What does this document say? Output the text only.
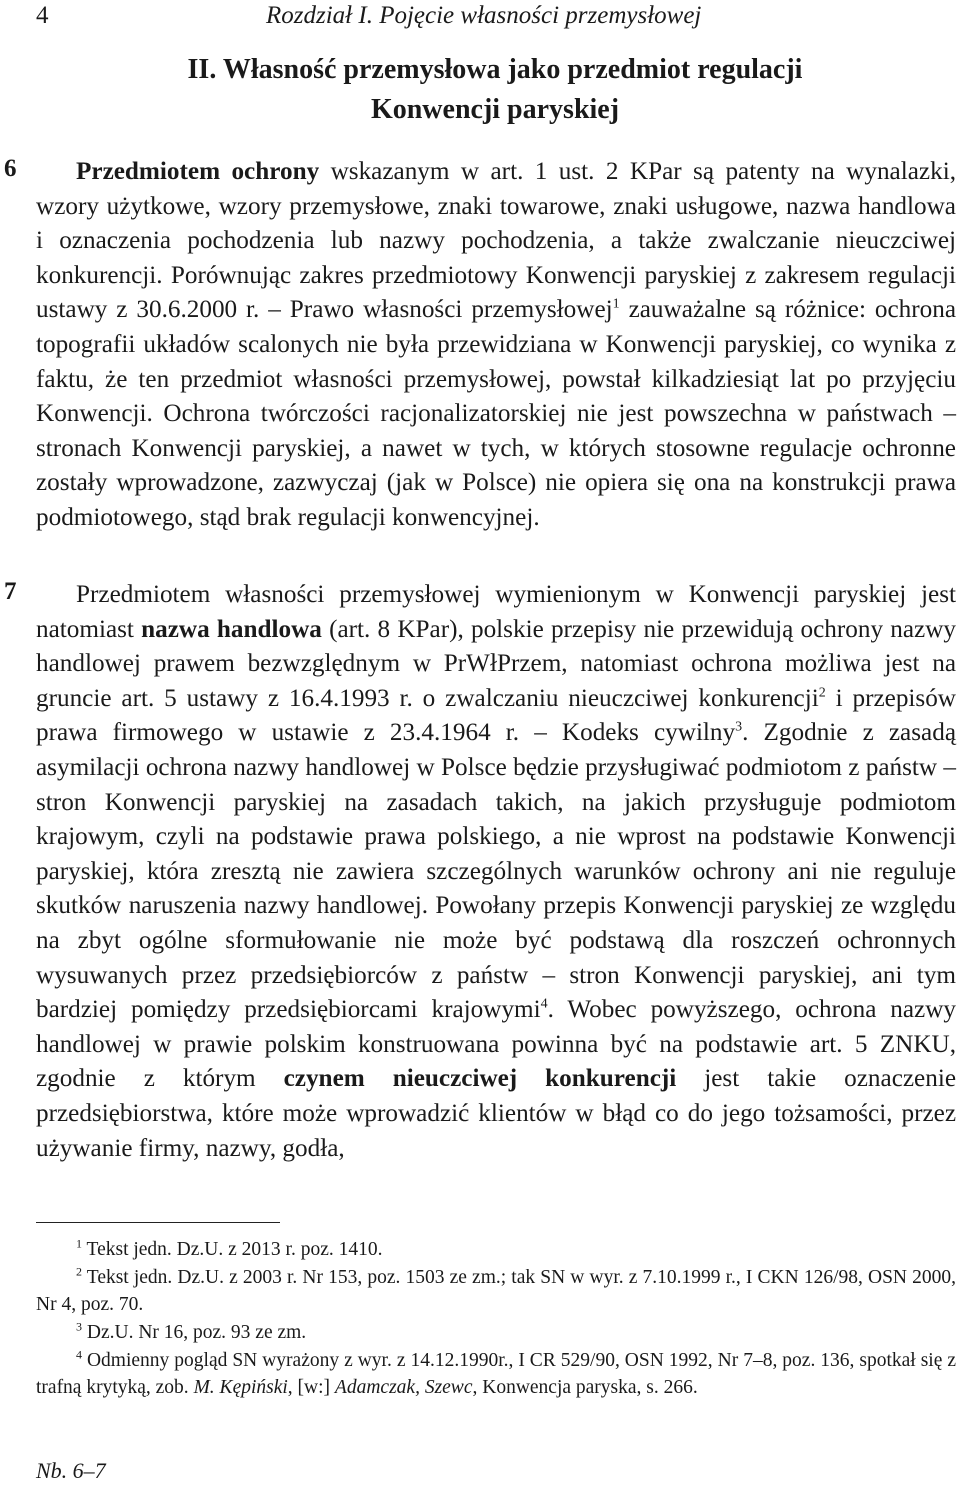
4	Rozdział I. Pojęcie własności przemysłowej
II. Własność przemysłowa jako przedmiot regulacji
Konwencji paryskiej
6
7

Przedmiotem ochrony wskazanym w art. 1 ust. 2 KPar są patenty na wynalazki, wzory użytkowe, wzory przemysłowe, znaki towarowe, znaki usługowe, nazwa handlowa i oznaczenia pochodzenia lub nazwy pochodzenia, a także zwalczanie nieuczciwej konkurencji. Porównując zakres przedmiotowy Konwencji paryskiej z zakresem regulacji ustawy z 30.6.2000 r. – Prawo własności przemysłowej$^1$ zauważalne są różnice: ochrona topografii układów scalonych nie była przewidziana w Konwencji paryskiej, co wynika z faktu, że ten przedmiot własności przemysłowej, powstał kilkadziesiąt lat po przyjęciu Konwencji. Ochrona twórczości racjonalizatorskiej nie jest powszechna w państwach – stronach Konwencji paryskiej, a nawet w tych, w których stosowne regulacje ochronne zostały wprowadzone, zazwyczaj (jak w Polsce) nie opiera się ona na konstrukcji prawa podmiotowego, stąd brak regulacji konwencyjnej.

Przedmiotem własności przemysłowej wymienionym w Konwencji paryskiej jest natomiast nazwa handlowa (art. 8 KPar), polskie przepisy nie przewidują ochrony nazwy handlowej prawem bezwzględnym w PrWłPrzem, natomiast ochrona możliwa jest na gruncie art. 5 ustawy z 16.4.1993 r. o zwalczaniu nieuczciwej konkurencji$^2$ i przepisów prawa firmowego w ustawie z 23.4.1964 r. – Kodeks cywilny$^3$. Zgodnie z zasadą asymilacji ochrona nazwy handlowej w Polsce będzie przysługiwać podmiotom z państw – stron Konwencji paryskiej na zasadach takich, na jakich przysługuje podmiotom krajowym, czyli na podstawie prawa polskiego, a nie wprost na podstawie Konwencji paryskiej, która zresztą nie zawiera szczególnych warunków ochrony ani nie reguluje skutków naruszenia nazwy handlowej. Powołany przepis Konwencji paryskiej ze względu na zbyt ogólne sformułowanie nie może być podstawą dla roszczeń ochronnych wysuwanych przez przedsiębiorców z państw – stron Konwencji paryskiej, ani tym bardziej pomiędzy przedsiębiorcami krajowymi$^4$. Wobec powyższego, ochrona nazwy handlowej w prawie polskim konstruowana powinna być na podstawie art. 5 ZNKU, zgodnie z którym czynem nieuczciwej konkurencji jest takie oznaczenie przedsiębiorstwa, które może wprowadzić klientów w błąd co do jego tożsamości, przez używanie firmy, nazwy, godła,

$^1$ Tekst jedn. Dz.U. z 2013 r. poz. 1410.

$^2$ Tekst jedn. Dz.U. z 2003 r. Nr 153, poz. 1503 ze zm.; tak SN w wyr. z 7.10.1999 r., I CKN 126/98, OSN 2000, Nr 4, poz. 70.

$^3$ Dz.U. Nr 16, poz. 93 ze zm.

$^4$ Odmienny pogląd SN wyrażony z wyr. z 14.12.1990r., I CR 529/90, OSN 1992, Nr 7–8, poz. 136, spotkał się z trafną krytyką, zob. M. Kępiński, [w:] Adamczak, Szewc, Konwencja paryska, s. 266.

Nb. 6–7
